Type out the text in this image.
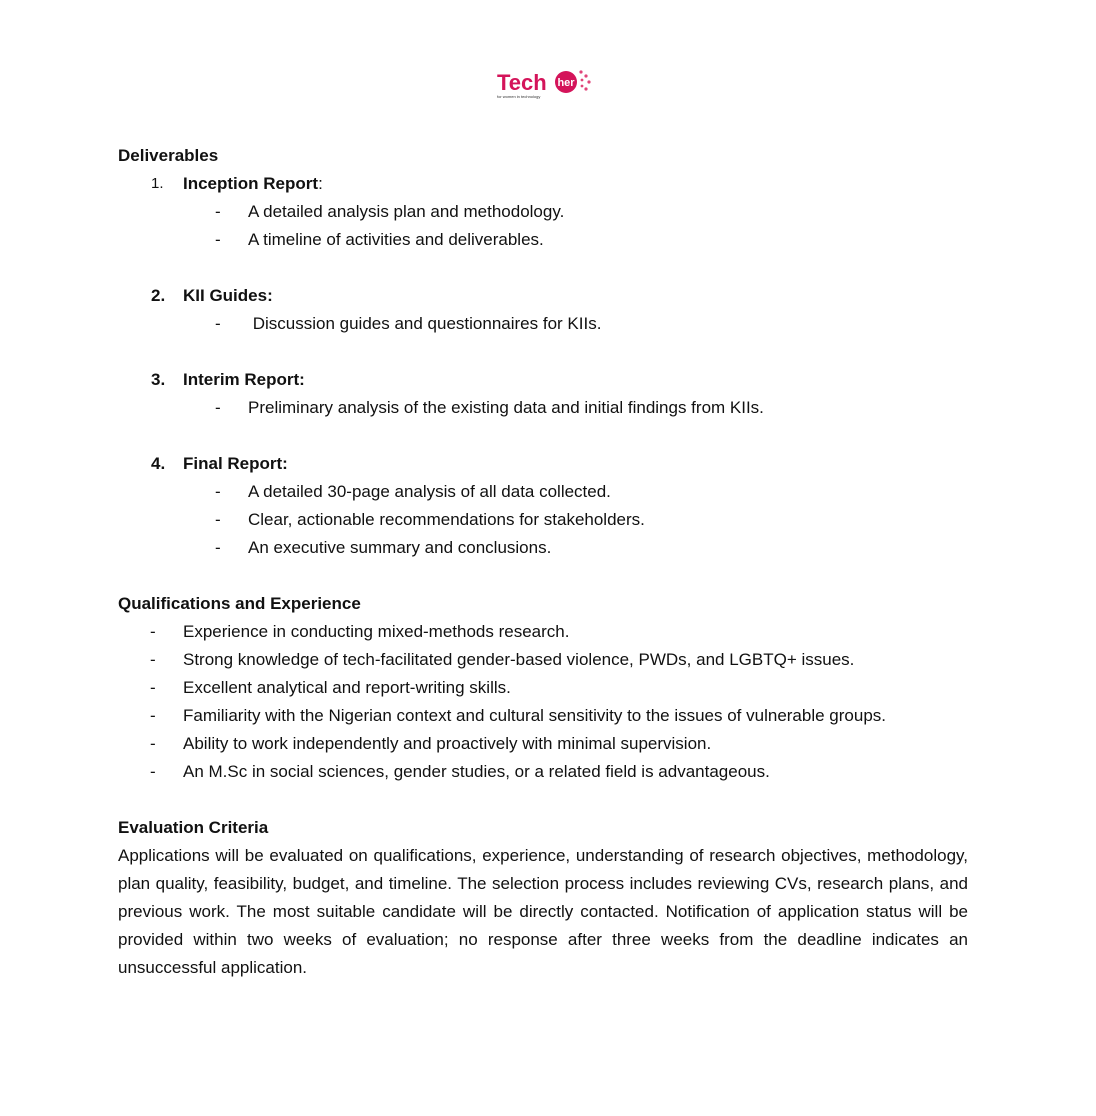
Tech her
for women in technology

Deliverables

1. Inception Report:

- A detailed analysis plan and methodology.

- A timeline of activities and deliverables.

2. KII Guides:

- Discussion guides and questionnaires for KIIs.

3. Interim Report:

- Preliminary analysis of the existing data and initial findings from KIIs.

4. Final Report:

- A detailed 30-page analysis of all data collected.

- Clear, actionable recommendations for stakeholders.

- An executive summary and conclusions.

Qualifications and Experience

- Experience in conducting mixed-methods research.

- Strong knowledge of tech-facilitated gender-based violence, PWDs, and LGBTQ+ issues.

- Excellent analytical and report-writing skills.

- Familiarity with the Nigerian context and cultural sensitivity to the issues of vulnerable groups.

- Ability to work independently and proactively with minimal supervision.

- An M.Sc in social sciences, gender studies, or a related field is advantageous.

Evaluation Criteria

Applications will be evaluated on qualifications, experience, understanding of research objectives, methodology, plan quality, feasibility, budget, and timeline. The selection process includes reviewing CVs, research plans, and previous work. The most suitable candidate will be directly contacted. Notification of application status will be provided within two weeks of evaluation; no response after three weeks from the deadline indicates an unsuccessful application.
